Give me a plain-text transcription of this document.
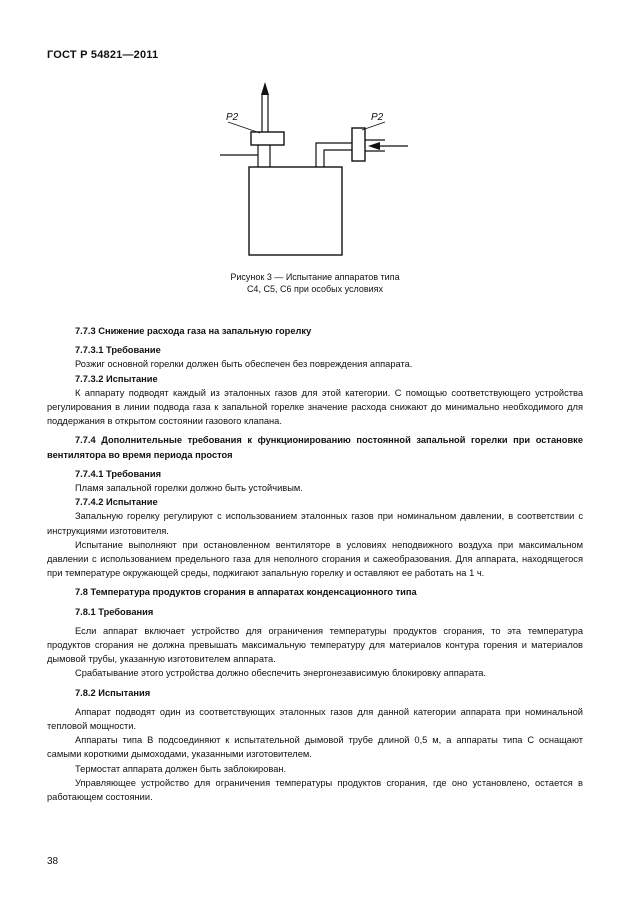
ГОСТ Р 54821—2011
P2	P2
Рисунок 3 — Испытание аппаратов типа
C4, C5, C6 при особых условиях

7.7.3 Снижение расхода газа на запальную горелку

7.7.3.1 Требование

Розжиг основной горелки должен быть обеспечен без повреждения аппарата.

7.7.3.2 Испытание

К аппарату подводят каждый из эталонных газов для этой категории. С помощью соответствующего устройства регулирования в линии подвода газа к запальной горелке значение расхода снижают до минимально необходимого для поддержания в открытом состоянии газового клапана.

7.7.4 Дополнительные требования к функционированию постоянной запальной горелки при остановке вентилятора во время периода простоя

7.7.4.1 Требования

Пламя запальной горелки должно быть устойчивым.

7.7.4.2 Испытание

Запальную горелку регулируют с использованием эталонных газов при номинальном давлении, в соответствии с инструкциями изготовителя.

Испытание выполняют при остановленном вентиляторе в условиях неподвижного воздуха при максимальном давлении с использованием предельного газа для неполного сгорания и сажеобразования. Для аппарата, находящегося при температуре окружающей среды, поджигают запальную горелку и оставляют ее работать на 1 ч.

7.8 Температура продуктов сгорания в аппаратах конденсационного типа

7.8.1 Требования

Если аппарат включает устройство для ограничения температуры продуктов сгорания, то эта температура продуктов сгорания не должна превышать максимальную температуру для материалов контура горения и материалов дымовой трубы, указанную изготовителем аппарата.

Срабатывание этого устройства должно обеспечить энергонезависимую блокировку аппарата.

7.8.2 Испытания

Аппарат подводят один из соответствующих эталонных газов для данной категории аппарата при номинальной тепловой мощности.

Аппараты типа B подсоединяют к испытательной дымовой трубе длиной 0,5 м, а аппараты типа C оснащают самыми короткими дымоходами, указанными изготовителем.

Термостат аппарата должен быть заблокирован.

Управляющее устройство для ограничения температуры продуктов сгорания, где оно установлено, остается в работающем состоянии.

38
